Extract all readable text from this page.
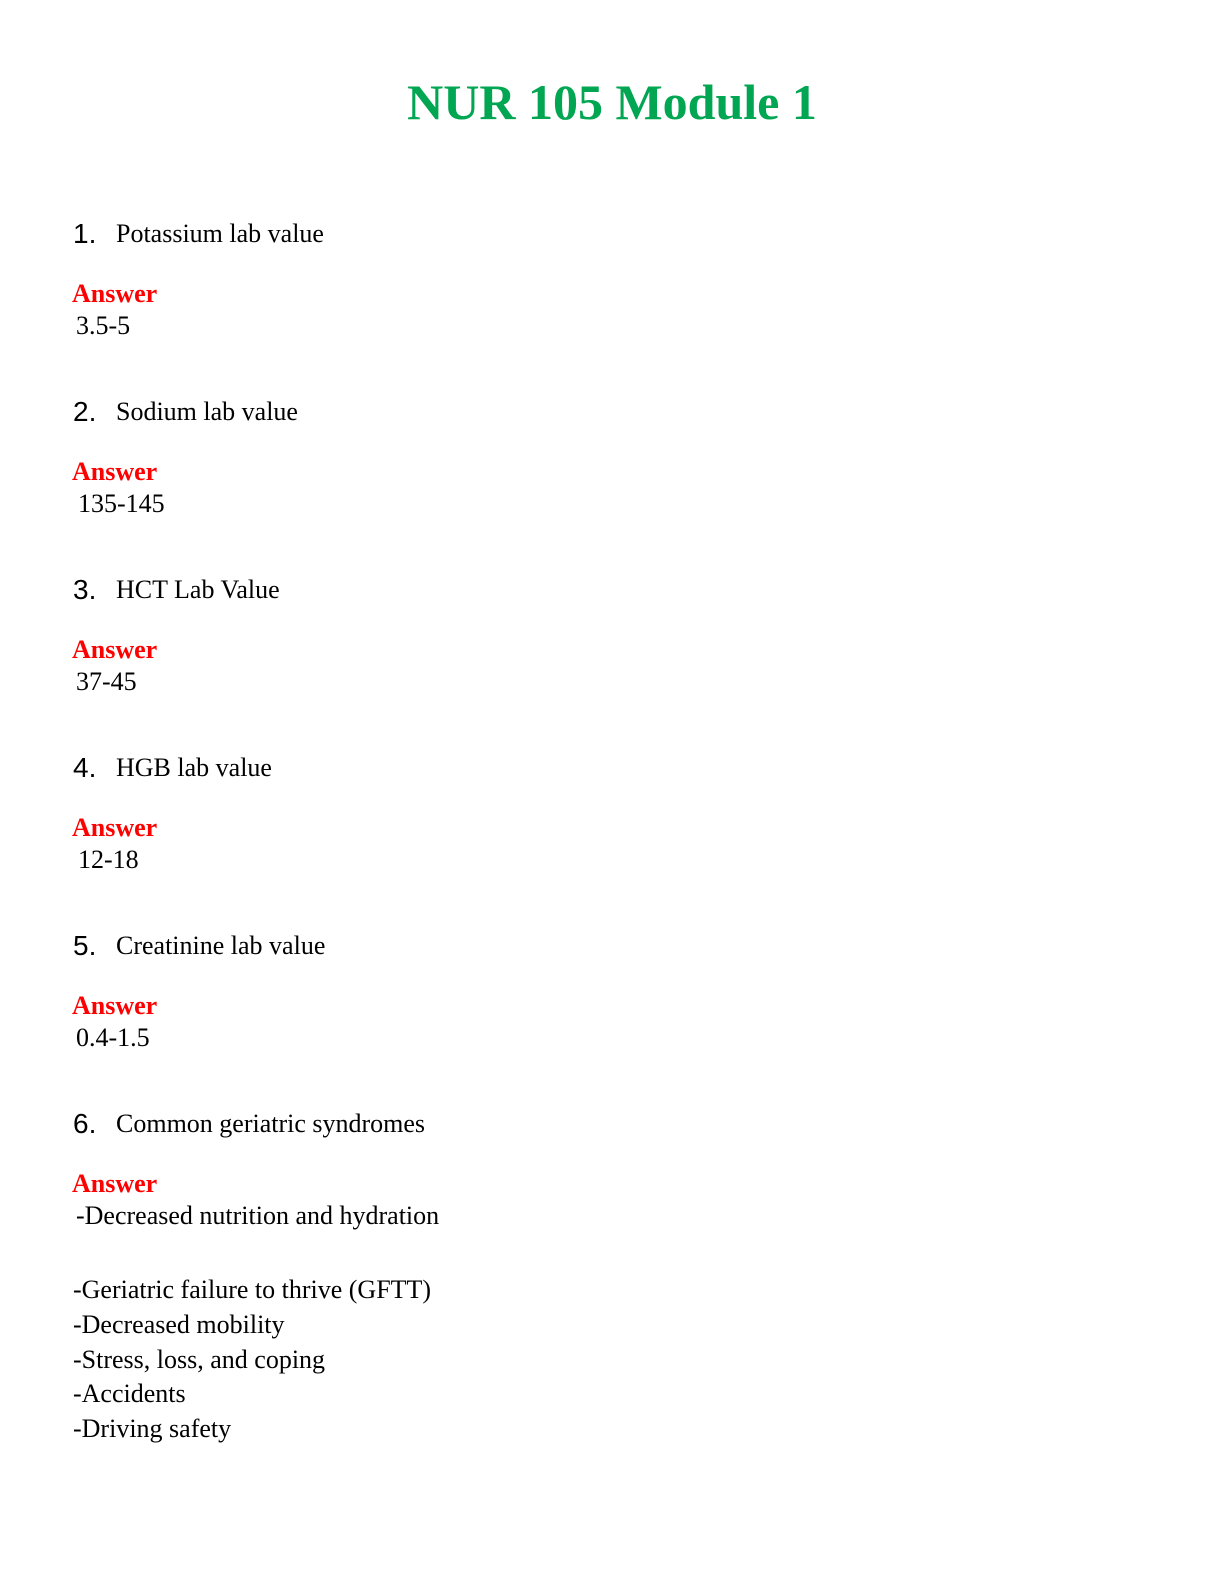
NUR 105 Module 1
1. Potassium lab value
Answer
3.5-5
2. Sodium lab value
Answer
135-145
3. HCT Lab Value
Answer
37-45
4. HGB lab value
Answer
12-18
5. Creatinine lab value
Answer
0.4-1.5
6. Common geriatric syndromes
Answer
-Decreased nutrition and hydration
-Geriatric failure to thrive (GFTT)
-Decreased mobility
-Stress, loss, and coping
-Accidents
-Driving safety
